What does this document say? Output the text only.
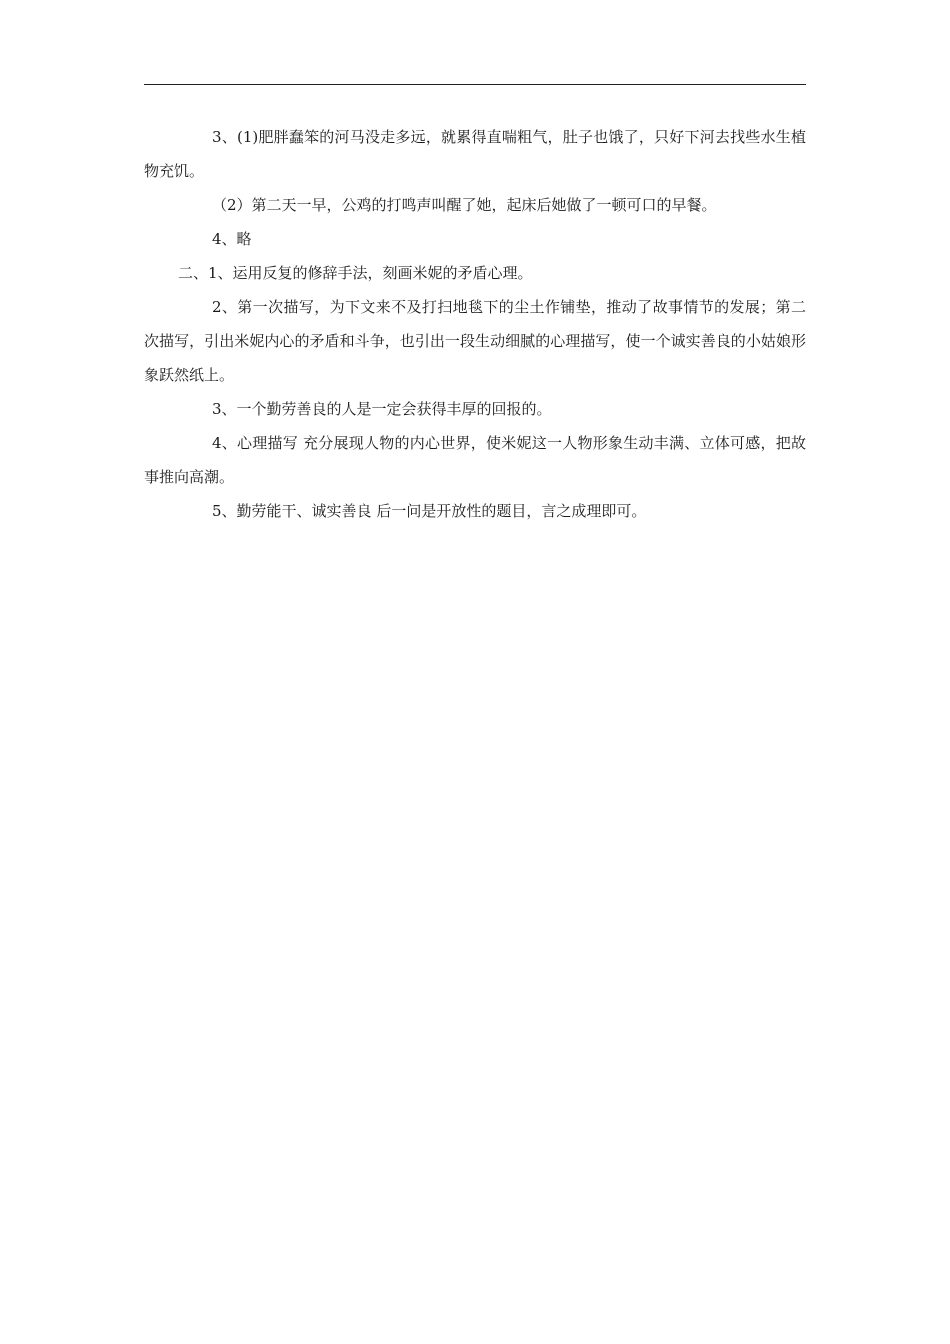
3、(1)肥胖蠢笨的河马没走多远，就累得直喘粗气，肚子也饿了，只好下河去找些水生植物充饥。

（2）第二天一早，公鸡的打鸣声叫醒了她，起床后她做了一顿可口的早餐。

4、略

二、1、运用反复的修辞手法，刻画米妮的矛盾心理。

2、第一次描写，为下文来不及打扫地毯下的尘土作铺垫，推动了故事情节的发展；第二次描写，引出米妮内心的矛盾和斗争，也引出一段生动细腻的心理描写，使一个诚实善良的小姑娘形象跃然纸上。

3、一个勤劳善良的人是一定会获得丰厚的回报的。

4、心理描写 充分展现人物的内心世界，使米妮这一人物形象生动丰满、立体可感，把故事推向高潮。

5、勤劳能干、诚实善良 后一问是开放性的题目，言之成理即可。
